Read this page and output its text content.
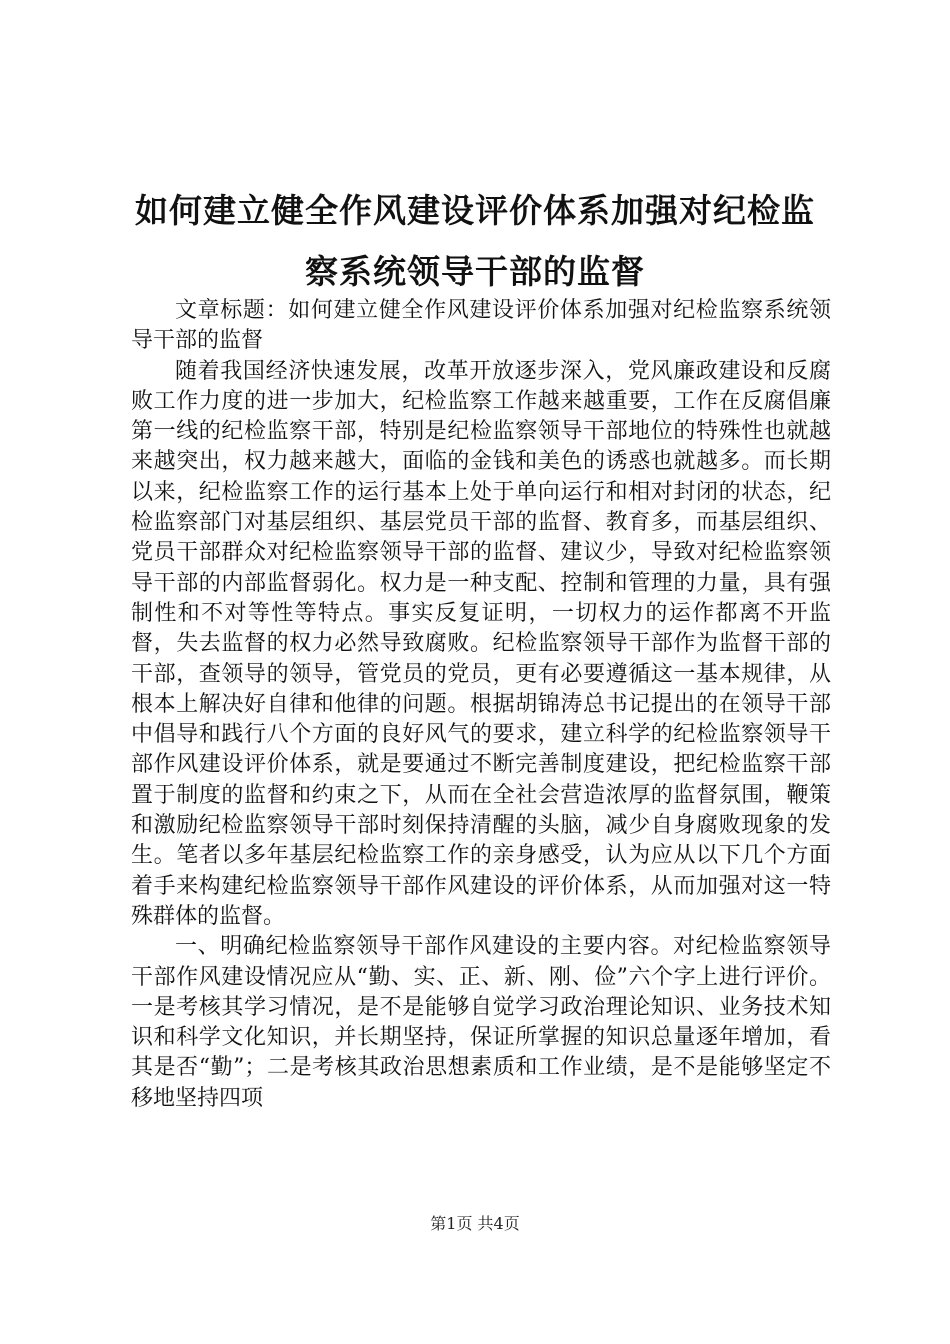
如何建立健全作风建设评价体系加强对纪检监
察系统领导干部的监督

文章标题：如何建立健全作风建设评价体系加强对纪检监察系统领导干部的监督

随着我国经济快速发展，改革开放逐步深入，党风廉政建设和反腐败工作力度的进一步加大，纪检监察工作越来越重要，工作在反腐倡廉第一线的纪检监察干部，特别是纪检监察领导干部地位的特殊性也就越来越突出，权力越来越大，面临的金钱和美色的诱惑也就越多。而长期以来，纪检监察工作的运行基本上处于单向运行和相对封闭的状态，纪检监察部门对基层组织、基层党员干部的监督、教育多，而基层组织、党员干部群众对纪检监察领导干部的监督、建议少，导致对纪检监察领导干部的内部监督弱化。权力是一种支配、控制和管理的力量，具有强制性和不对等性等特点。事实反复证明，一切权力的运作都离不开监督，失去监督的权力必然导致腐败。纪检监察领导干部作为监督干部的干部，查领导的领导，管党员的党员，更有必要遵循这一基本规律，从根本上解决好自律和他律的问题。根据胡锦涛总书记提出的在领导干部中倡导和践行八个方面的良好风气的要求，建立科学的纪检监察领导干部作风建设评价体系，就是要通过不断完善制度建设，把纪检监察干部置于制度的监督和约束之下，从而在全社会营造浓厚的监督氛围，鞭策和激励纪检监察领导干部时刻保持清醒的头脑，减少自身腐败现象的发生。笔者以多年基层纪检监察工作的亲身感受，认为应从以下几个方面着手来构建纪检监察领导干部作风建设的评价体系，从而加强对这一特殊群体的监督。

一、明确纪检监察领导干部作风建设的主要内容。对纪检监察领导干部作风建设情况应从“勤、实、正、新、刚、俭”六个字上进行评价。一是考核其学习情况，是不是能够自觉学习政治理论知识、业务技术知识和科学文化知识，并长期坚持，保证所掌握的知识总量逐年增加，看其是否“勤”；二是考核其政治思想素质和工作业绩，是不是能够坚定不移地坚持四项

第1页 共4页
